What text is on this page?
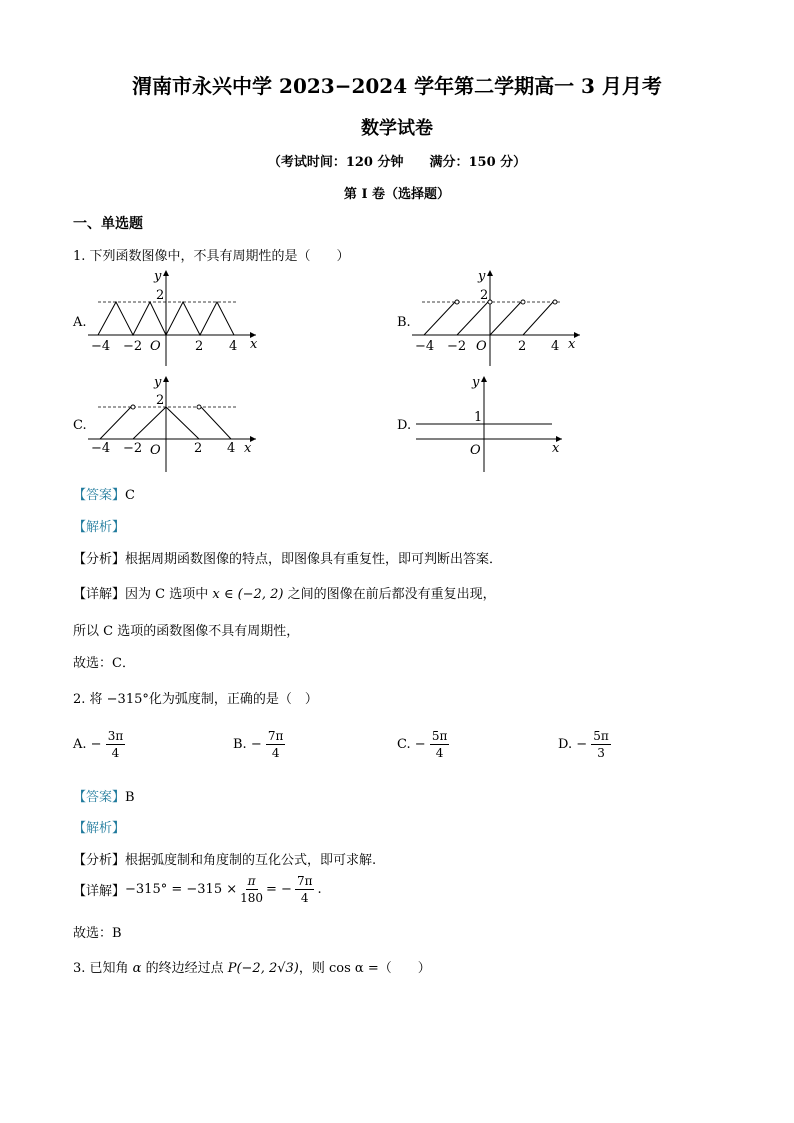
渭南市永兴中学 2023−2024 学年第二学期高一 3 月月考
数学试卷
（考试时间：120 分钟　　满分：150 分）
第 I 卷（选择题）
一、单选题
1. 下列函数图像中，不具有周期性的是（　　）
A.	B.
C.	D.
y
2
x
O
−4 −2	2 4
y
2
x
O
−4 −2	2 4
y
2
x
O
−4 −2	2 4
y
1
x
O
【答案】C
【解析】
【分析】根据周期函数图像的特点，即图像具有重复性，即可判断出答案．
【详解】因为 C 选项中 x ∈ (−2, 2) 之间的图像在前后都没有重复出现，
所以 C 选项的函数图像不具有周期性，
故选：C．
2. 将 −315°化为弧度制，正确的是（　）
A. − $\frac{3\pi}{4}$	B. − $\frac{7\pi}{4}$	C. − $\frac{5\pi}{4}$	D. − $\frac{5\pi}{3}$
【答案】B
【解析】
【分析】根据弧度制和角度制的互化公式，即可求解.
【详解】 $-315^\circ = -315 \times \frac{\pi}{180}$ = − $\frac{7\pi}{4}$ .
故选：B
3. 已知角 α 的终边经过点 P(−2, 2√3)，则 cos α =（　　）
